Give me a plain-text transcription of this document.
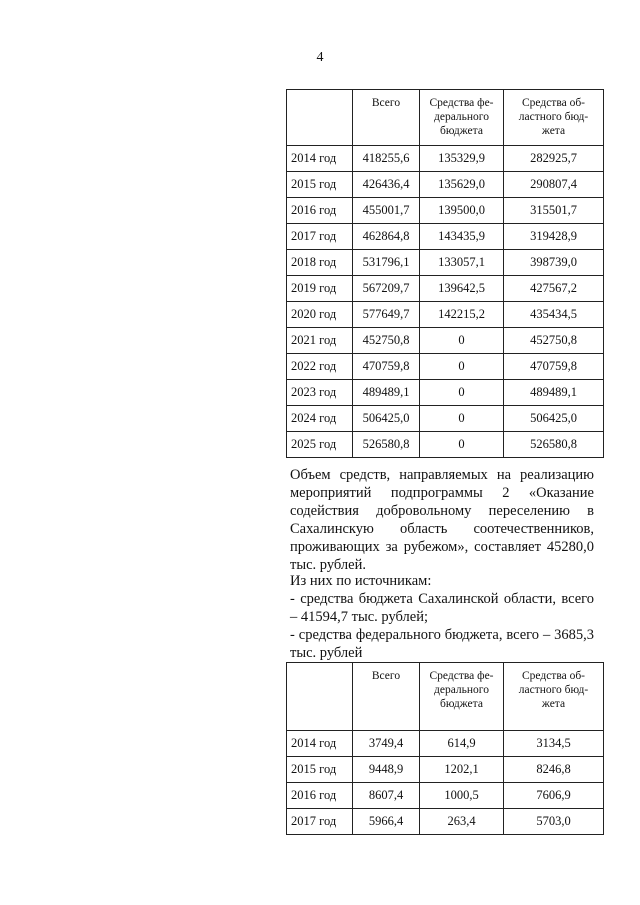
4
	Всего	Средства фе-
дерального
бюджета	Средства об-
ластного бюд-
жета
2014 год	418255,6	135329,9	282925,7
2015 год	426436,4	135629,0	290807,4
2016 год	455001,7	139500,0	315501,7
2017 год	462864,8	143435,9	319428,9
2018 год	531796,1	133057,1	398739,0
2019 год	567209,7	139642,5	427567,2
2020 год	577649,7	142215,2	435434,5
2021 год	452750,8	0	452750,8
2022 год	470759,8	0	470759,8
2023 год	489489,1	0	489489,1
2024 год	506425,0	0	506425,0
2025 год	526580,8	0	526580,8

Объем средств, направляемых на реализацию мероприятий подпрограммы 2 «Оказание содействия добровольному переселению в Сахалинскую область соотечественников, проживающих за рубежом», составляет 45280,0 тыс. рублей.

Из них по источникам:

- средства бюджета Сахалинской области, всего – 41594,7 тыс. рублей;

- средства федерального бюджета, всего – 3685,3 тыс. рублей

	Всего	Средства фе-
дерального
бюджета	Средства об-
ластного бюд-
жета
2014 год	3749,4	614,9	3134,5
2015 год	9448,9	1202,1	8246,8
2016 год	8607,4	1000,5	7606,9
2017 год	5966,4	263,4	5703,0
